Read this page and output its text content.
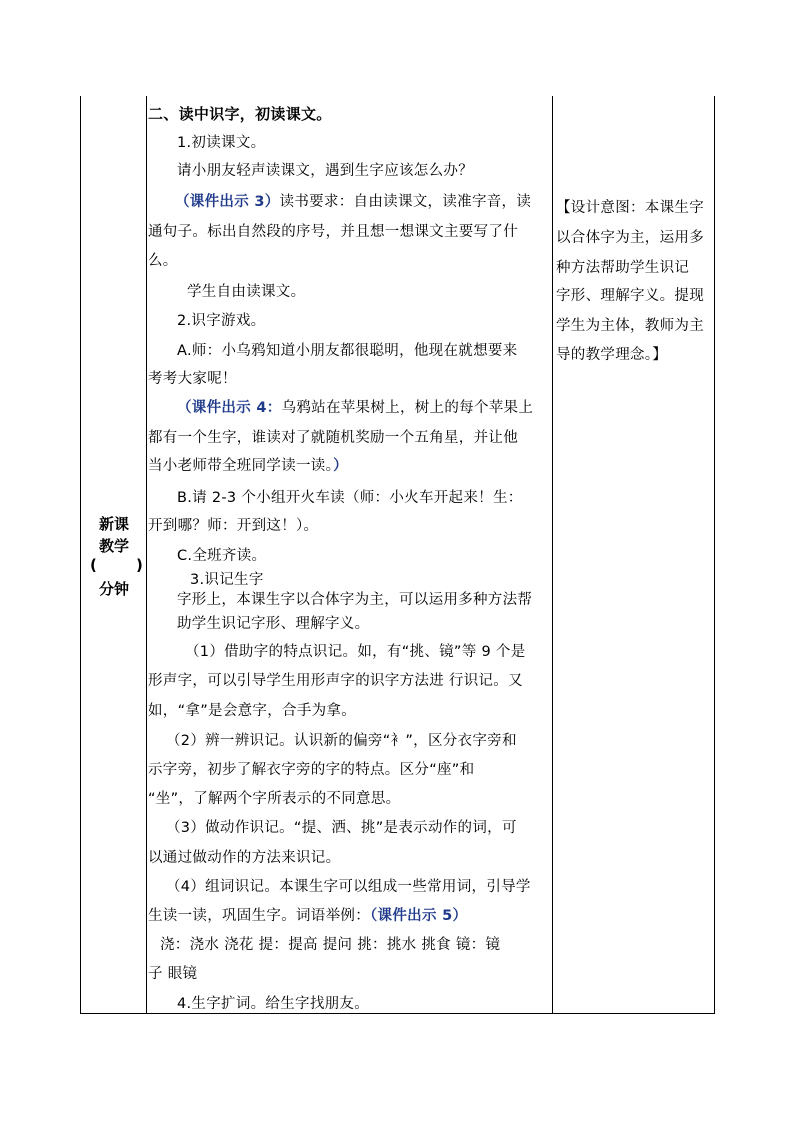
新课
教学
(	)
分钟
二、读中识字，初读课文。
1.初读课文。
请小朋友轻声读课文，遇到生字应该怎么办？
（课件出示 3）读书要求：自由读课文，读准字音，读
通句子。标出自然段的序号，并且想一想课文主要写了什
么。
学生自由读课文。
2.识字游戏。
A.师：小乌鸦知道小朋友都很聪明，他现在就想要来
考考大家呢！
（课件出示 4：乌鸦站在苹果树上，树上的每个苹果上
都有一个生字，谁读对了就随机奖励一个五角星，并让他
当小老师带全班同学读一读。）
B.请 2-3 个小组开火车读（师：小火车开起来！生：
开到哪？师：开到这！）。
C.全班齐读。
3.识记生字
字形上，本课生字以合体字为主，可以运用多种方法帮
助学生识记字形、理解字义。
（1）借助字的特点识记。如，有“挑、镜”等 9 个是
形声字，可以引导学生用形声字的识字方法进 行识记。又
如，“拿”是会意字，合手为拿。
（2）辨一辨识记。认识新的偏旁“衤”，区分衣字旁和
示字旁，初步了解衣字旁的字的特点。区分“座”和
“坐”，了解两个字所表示的不同意思。
（3）做动作识记。“提、洒、挑”是表示动作的词，可
以通过做动作的方法来识记。
（4）组词识记。本课生字可以组成一些常用词，引导学
生读一读，巩固生字。词语举例：（课件出示 5）
浇：浇水 浇花 提：提高 提问 挑：挑水 挑食 镜：镜
子 眼镜
4.生字扩词。给生字找朋友。
【设计意图：本课生字
以合体字为主，运用多
种方法帮助学生识记
字形、理解字义。提现
学生为主体，教师为主
导的教学理念。】
